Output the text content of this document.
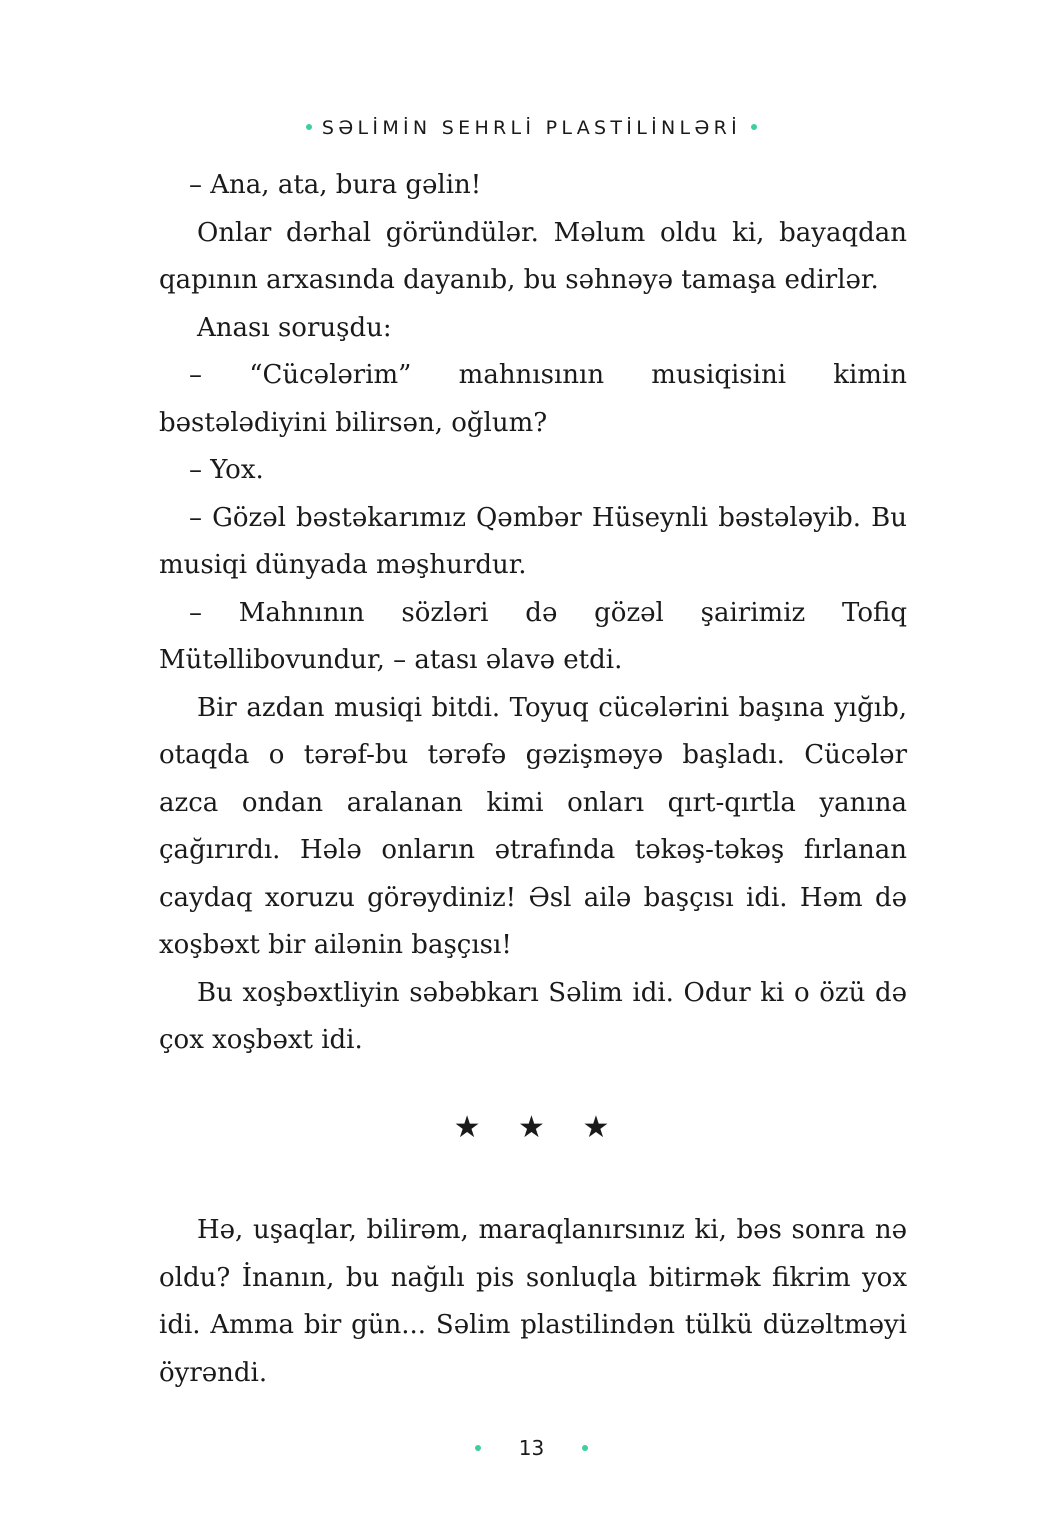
SƏLİMİN SEHRLİ PLASTİLİNLƏRİ

– Ana, ata, bura gəlin!

Onlar dərhal göründülər. Məlum oldu ki, bayaqdan qapının arxasında dayanıb, bu səhnəyə tamaşa edirlər.

Anası soruşdu:

– “Cücələrim” mahnısının musiqisini kimin bəstələdiyini bilirsən, oğlum?

– Yox.

– Gözəl bəstəkarımız Qəmbər Hüseynli bəstələyib. Bu musiqi dünyada məşhurdur.

– Mahnının sözləri də gözəl şairimiz Tofiq Mütəllibovundur, – atası əlavə etdi.

Bir azdan musiqi bitdi. Toyuq cücələrini başına yığıb, otaqda o tərəf-bu tərəfə gəzişməyə başladı. Cücələr azca ondan aralanan kimi onları qırt-qırtla yanına çağırırdı. Hələ onların ətrafında təkəş-təkəş fırlanan caydaq xoruzu görəydiniz! Əsl ailə başçısı idi. Həm də xoşbəxt bir ailənin başçısı!

Bu xoşbəxtliyin səbəbkarı Səlim idi. Odur ki o özü də çox xoşbəxt idi.

★ ★ ★

Hə, uşaqlar, bilirəm, maraqlanırsınız ki, bəs sonra nə oldu? İnanın, bu nağılı pis sonluqla bitirmək fikrim yox idi. Amma bir gün... Səlim plastilindən tülkü düzəltməyi öyrəndi.

13
